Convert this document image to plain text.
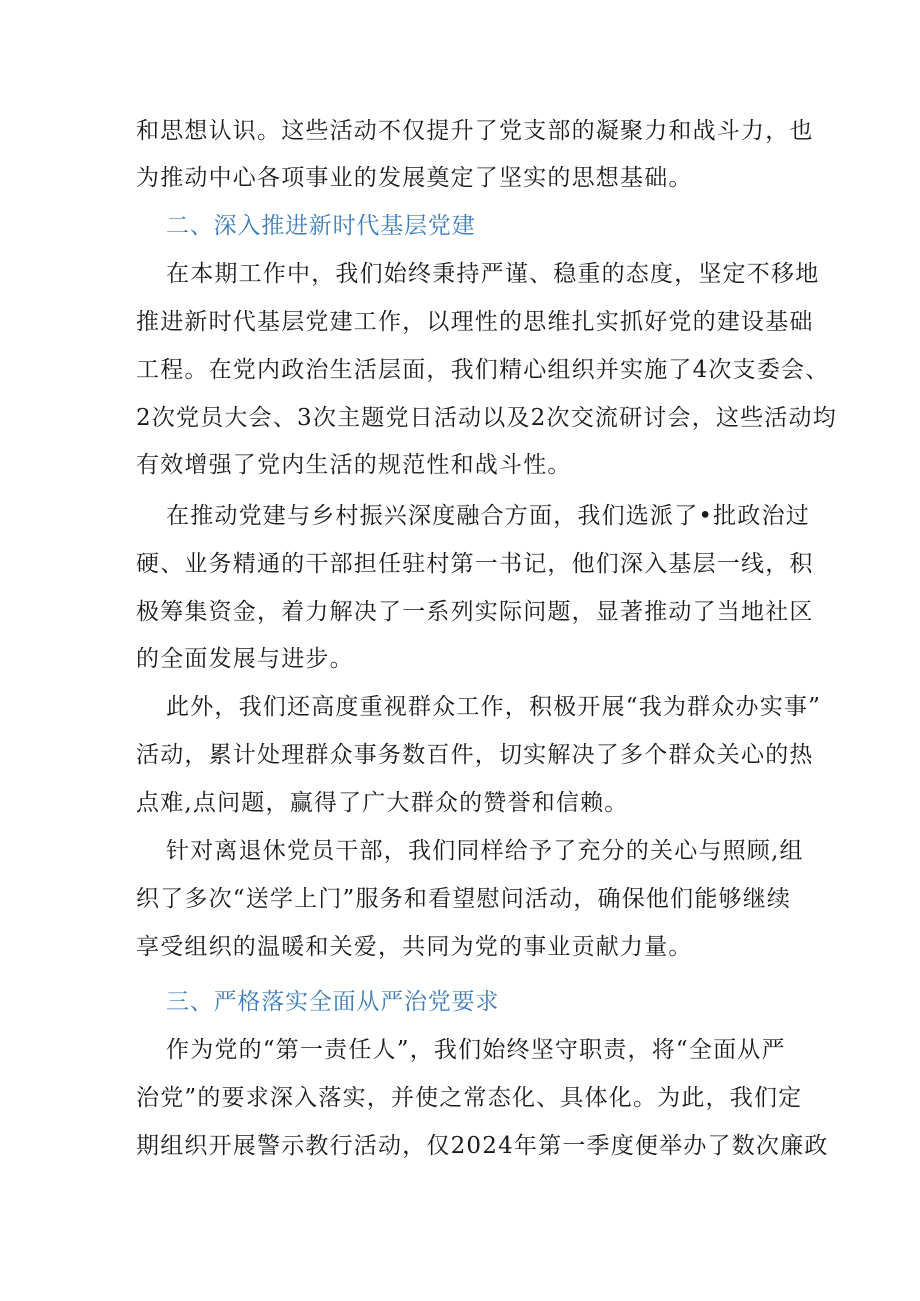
和思想认识。这些活动不仅提升了党支部的凝聚力和战斗力，也
为推动中心各项事业的发展奠定了坚实的思想基础。
二、深入推进新时代基层党建
在本期工作中，我们始终秉持严谨、稳重的态度，坚定不移地
推进新时代基层党建工作，以理性的思维扎实抓好党的建设基础
工程。在党内政治生活层面，我们精心组织并实施了4次支委会、
2次党员大会、3次主题党日活动以及2次交流研讨会，这些活动均
有效增强了党内生活的规范性和战斗性。
在推动党建与乡村振兴深度融合方面，我们选派了•批政治过
硬、业务精通的干部担任驻村第一书记，他们深入基层一线，积
极筹集资金，着力解决了一系列实际问题，显著推动了当地社区
的全面发展与进步。
此外，我们还高度重视群众工作，积极开展“我为群众办实事”
活动，累计处理群众事务数百件，切实解决了多个群众关心的热
点难,点问题，赢得了广大群众的赞誉和信赖。
针对离退休党员干部，我们同样给予了充分的关心与照顾,组
织了多次“送学上门”服务和看望慰问活动，确保他们能够继续
享受组织的温暖和关爱，共同为党的事业贡献力量。
三、严格落实全面从严治党要求
作为党的“第一责任人”，我们始终坚守职责，将“全面从严
治党”的要求深入落实，并使之常态化、具体化。为此，我们定
期组织开展警示教行活动，仅2024年第一季度便举办了数次廉政
